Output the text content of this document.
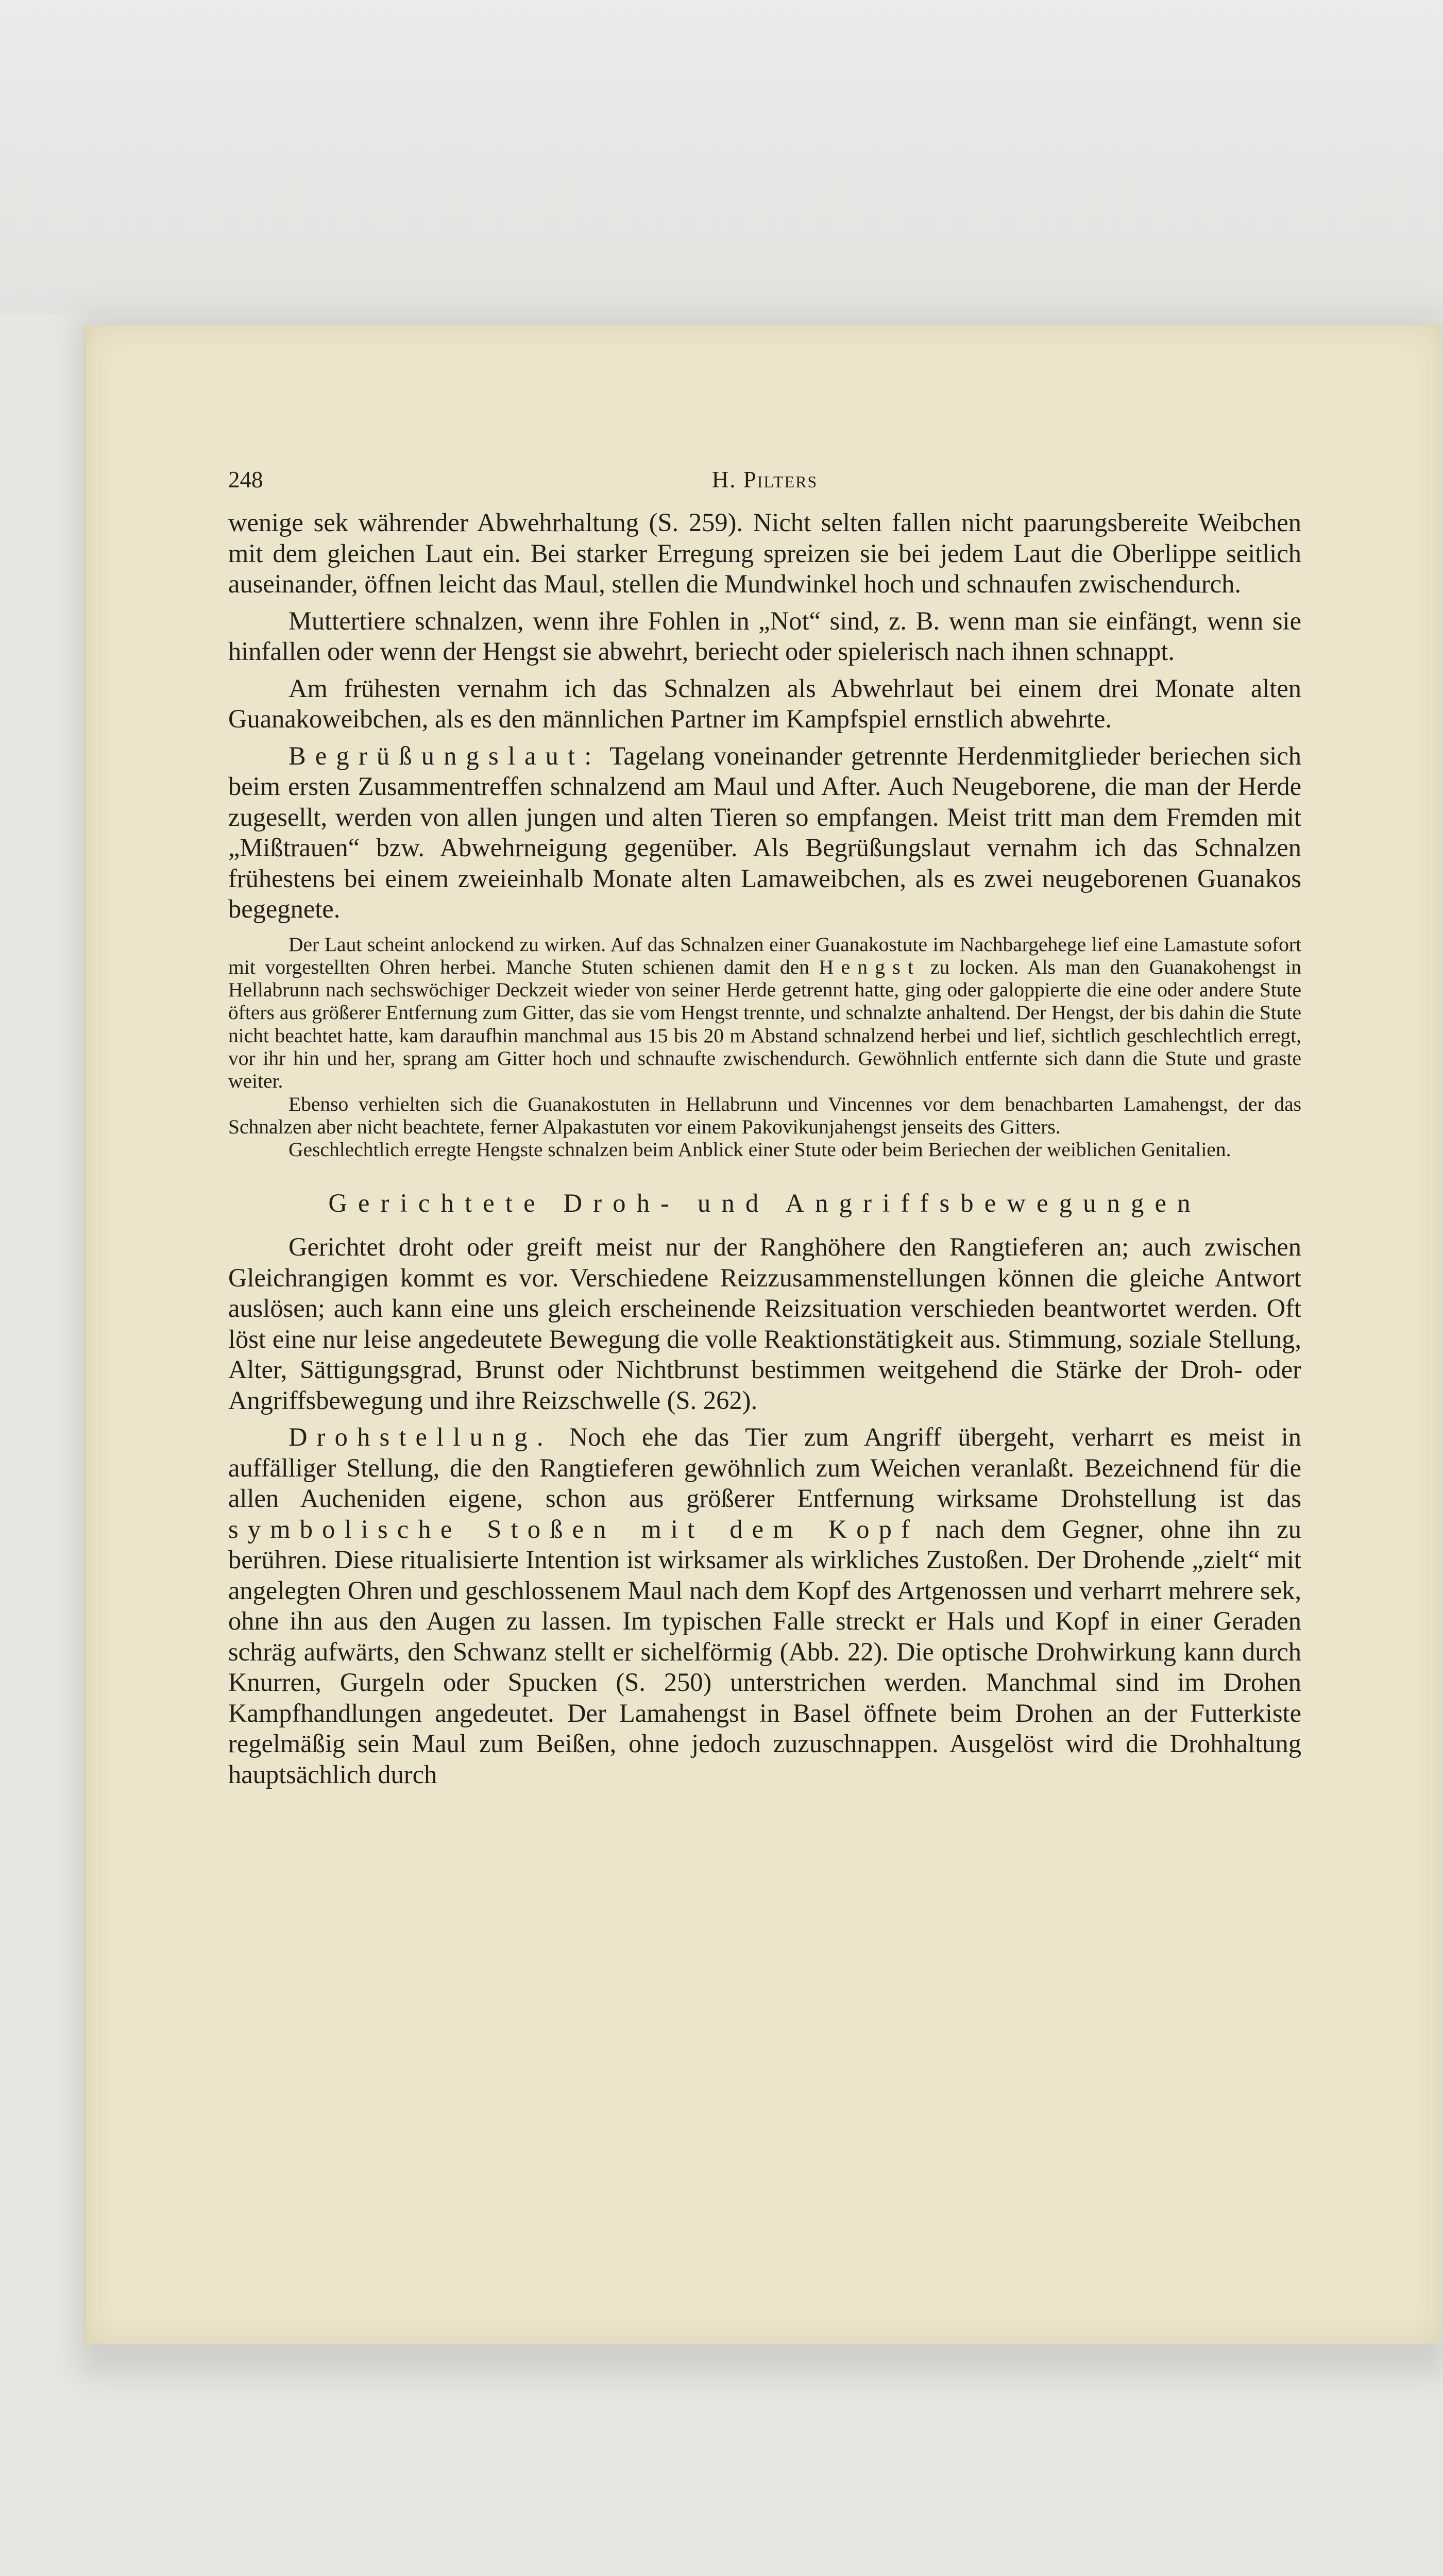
248	H. Pilters

wenige sek währender Abwehrhaltung (S. 259). Nicht selten fallen nicht paarungsbereite Weibchen mit dem gleichen Laut ein. Bei starker Erregung spreizen sie bei jedem Laut die Oberlippe seitlich auseinander, öffnen leicht das Maul, stellen die Mundwinkel hoch und schnaufen zwischendurch.

Muttertiere schnalzen, wenn ihre Fohlen in „Not“ sind, z. B. wenn man sie einfängt, wenn sie hinfallen oder wenn der Hengst sie abwehrt, beriecht oder spielerisch nach ihnen schnappt.

Am frühesten vernahm ich das Schnalzen als Abwehrlaut bei einem drei Monate alten Guanakoweibchen, als es den männlichen Partner im Kampfspiel ernstlich abwehrte.

Begrüßungslaut: Tagelang voneinander getrennte Herdenmitglieder beriechen sich beim ersten Zusammentreffen schnalzend am Maul und After. Auch Neugeborene, die man der Herde zugesellt, werden von allen jungen und alten Tieren so empfangen. Meist tritt man dem Fremden mit „Mißtrauen“ bzw. Abwehrneigung gegenüber. Als Begrüßungslaut vernahm ich das Schnalzen frühestens bei einem zweieinhalb Monate alten Lamaweibchen, als es zwei neugeborenen Guanakos begegnete.

Der Laut scheint anlockend zu wirken. Auf das Schnalzen einer Guanakostute im Nachbargehege lief eine Lamastute sofort mit vorgestellten Ohren herbei. Manche Stuten schienen damit den Hengst zu locken. Als man den Guanakohengst in Hellabrunn nach sechswöchiger Deckzeit wieder von seiner Herde getrennt hatte, ging oder galoppierte die eine oder andere Stute öfters aus größerer Entfernung zum Gitter, das sie vom Hengst trennte, und schnalzte anhaltend. Der Hengst, der bis dahin die Stute nicht beachtet hatte, kam daraufhin manchmal aus 15 bis 20 m Abstand schnalzend herbei und lief, sichtlich geschlechtlich erregt, vor ihr hin und her, sprang am Gitter hoch und schnaufte zwischendurch. Gewöhnlich entfernte sich dann die Stute und graste weiter.

Ebenso verhielten sich die Guanakostuten in Hellabrunn und Vincennes vor dem benachbarten Lamahengst, der das Schnalzen aber nicht beachtete, ferner Alpakastuten vor einem Pakovikunjahengst jenseits des Gitters.

Geschlechtlich erregte Hengste schnalzen beim Anblick einer Stute oder beim Beriechen der weiblichen Genitalien.

Gerichtete Droh- und Angriffsbewegungen

Gerichtet droht oder greift meist nur der Ranghöhere den Rangtieferen an; auch zwischen Gleichrangigen kommt es vor. Verschiedene Reizzusammenstellungen können die gleiche Antwort auslösen; auch kann eine uns gleich erscheinende Reizsituation verschieden beantwortet werden. Oft löst eine nur leise angedeutete Bewegung die volle Reaktionstätigkeit aus. Stimmung, soziale Stellung, Alter, Sättigungsgrad, Brunst oder Nichtbrunst bestimmen weitgehend die Stärke der Droh- oder Angriffsbewegung und ihre Reizschwelle (S. 262).

Drohstellung. Noch ehe das Tier zum Angriff übergeht, verharrt es meist in auffälliger Stellung, die den Rangtieferen gewöhnlich zum Weichen veranlaßt. Bezeichnend für die allen Aucheniden eigene, schon aus größerer Entfernung wirksame Drohstellung ist das symbolische Stoßen mit dem Kopf nach dem Gegner, ohne ihn zu berühren. Diese ritualisierte Intention ist wirksamer als wirkliches Zustoßen. Der Drohende „zielt“ mit angelegten Ohren und geschlossenem Maul nach dem Kopf des Artgenossen und verharrt mehrere sek, ohne ihn aus den Augen zu lassen. Im typischen Falle streckt er Hals und Kopf in einer Geraden schräg aufwärts, den Schwanz stellt er sichelförmig (Abb. 22). Die optische Drohwirkung kann durch Knurren, Gurgeln oder Spucken (S. 250) unterstrichen werden. Manchmal sind im Drohen Kampfhandlungen angedeutet. Der Lamahengst in Basel öffnete beim Drohen an der Futterkiste regelmäßig sein Maul zum Beißen, ohne jedoch zuzuschnappen. Ausgelöst wird die Drohhaltung hauptsächlich durch
